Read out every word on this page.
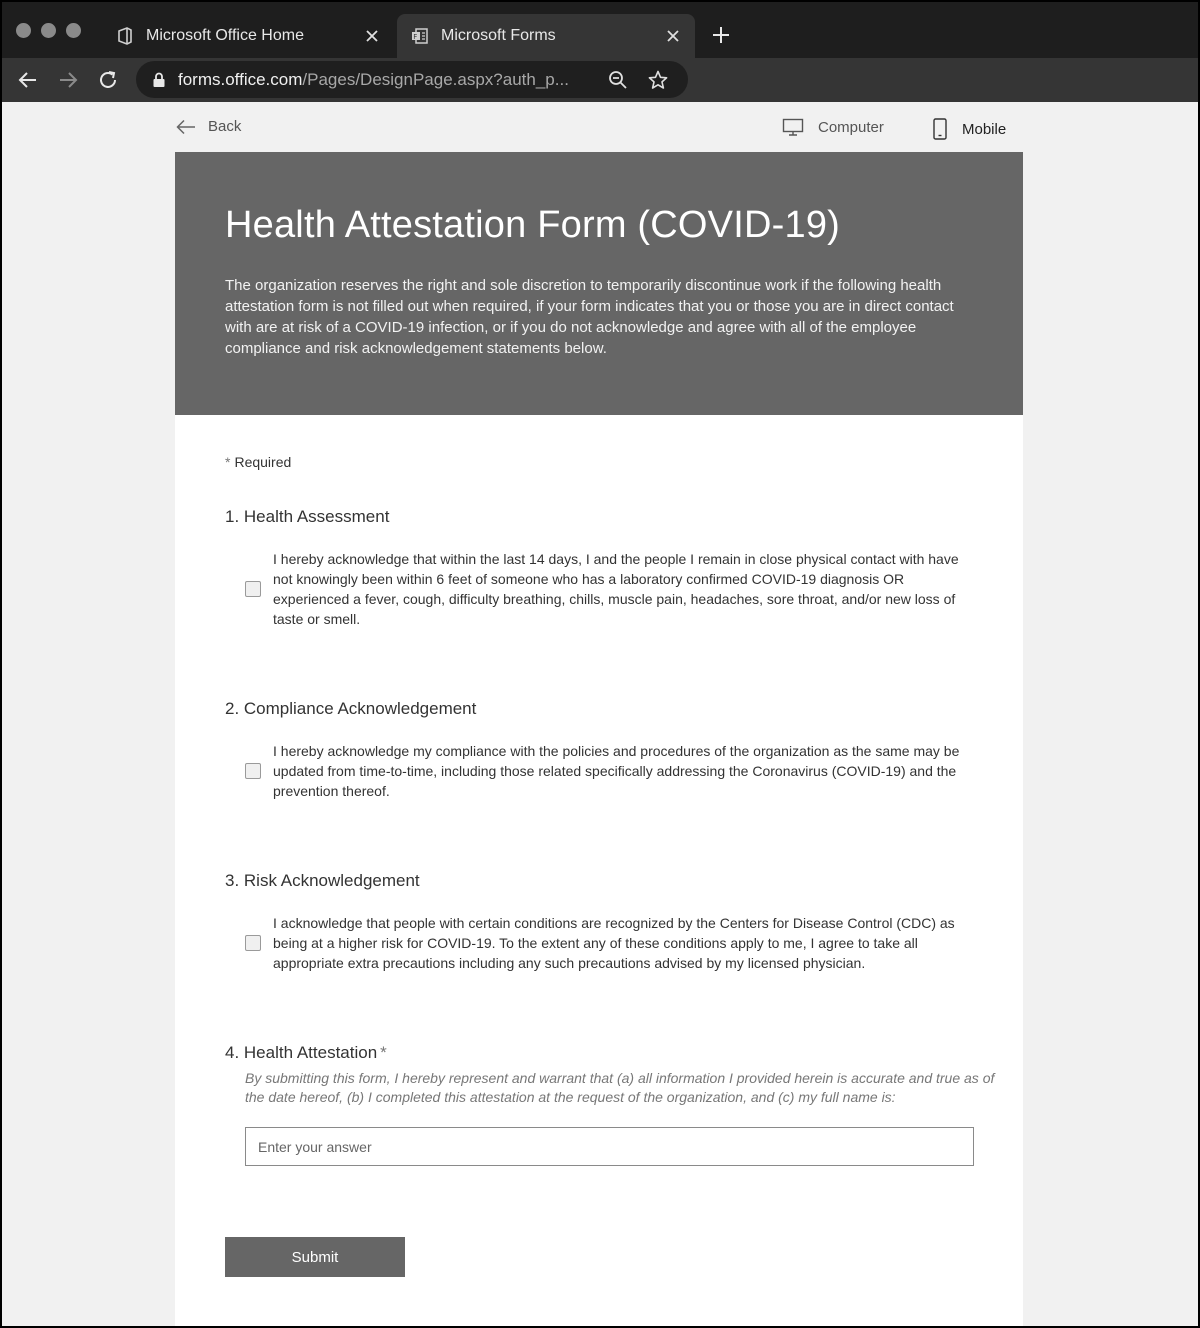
Microsoft Office Home	F Microsoft Forms
forms.office.com/Pages/DesignPage.aspx?auth_p...
Back	Computer	Mobile
Health Attestation Form (COVID-19)

The organization reserves the right and sole discretion to temporarily discontinue work if the following health attestation form is not filled out when required, if your form indicates that you or those you are in direct contact with are at risk of a COVID-19 infection, or if you do not acknowledge and agree with all of the employee compliance and risk acknowledgement statements below.

* Required
1. Health Assessment
I hereby acknowledge that within the last 14 days, I and the people I remain in close physical contact with have not knowingly been within 6 feet of someone who has a laboratory confirmed COVID-19 diagnosis OR experienced a fever, cough, difficulty breathing, chills, muscle pain, headaches, sore throat, and/or new loss of taste or smell.
2. Compliance Acknowledgement
I hereby acknowledge my compliance with the policies and procedures of the organization as the same may be updated from time-to-time, including those related specifically addressing the Coronavirus (COVID-19) and the prevention thereof.
3. Risk Acknowledgement
I acknowledge that people with certain conditions are recognized by the Centers for Disease Control (CDC) as being at a higher risk for COVID-19. To the extent any of these conditions apply to me, I agree to take all appropriate extra precautions including any such precautions advised by my licensed physician.
4. Health Attestation *
By submitting this form, I hereby represent and warrant that (a) all information I provided herein is accurate and true as of the date hereof, (b) I completed this attestation at the request of the organization, and (c) my full name is:
Enter your answer
Submit
